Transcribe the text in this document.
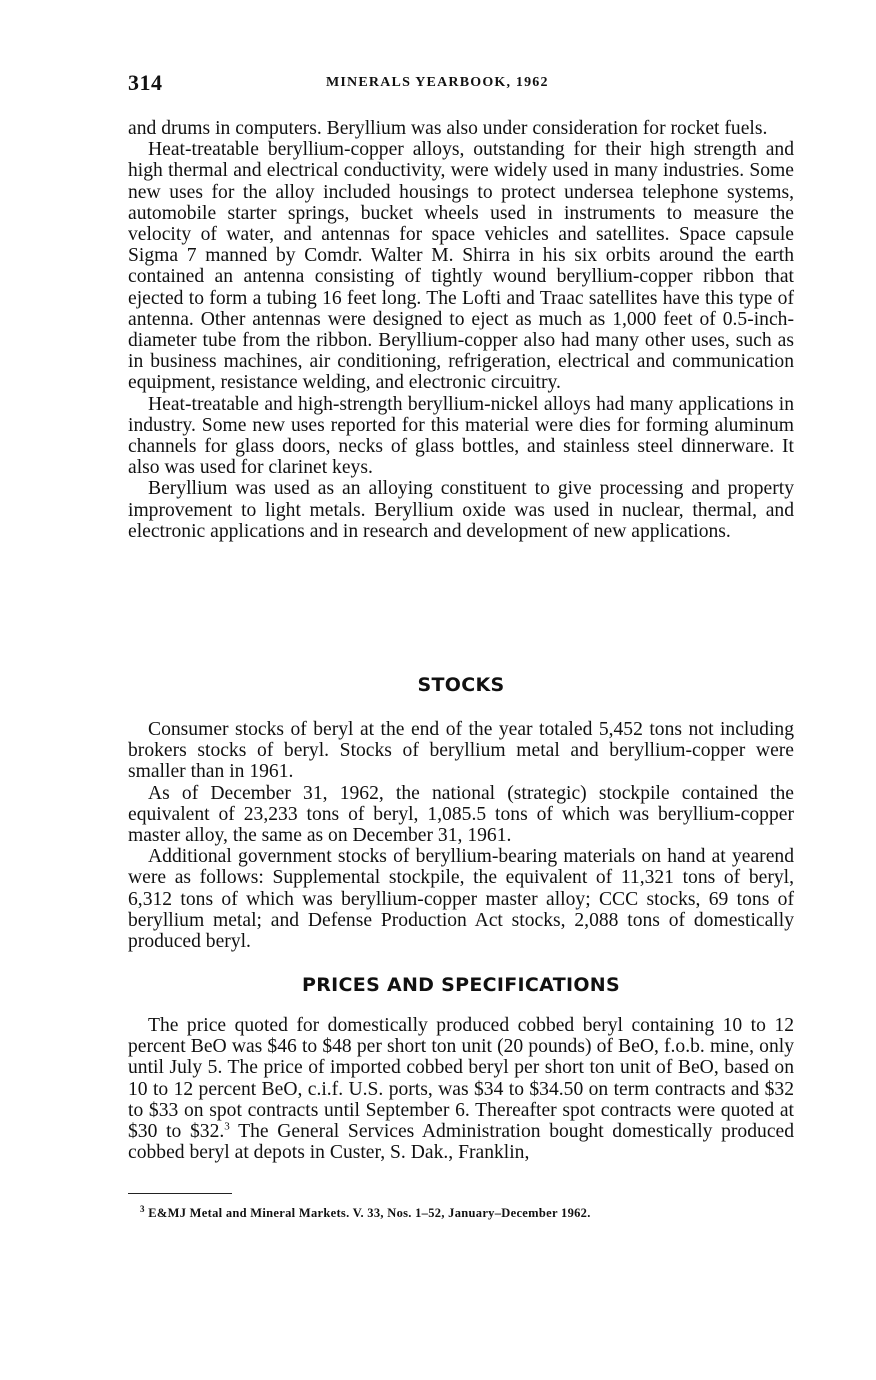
314	MINERALS YEARBOOK, 1962

and drums in computers. Beryllium was also under consideration for rocket fuels.

Heat-treatable beryllium-copper alloys, outstanding for their high strength and high thermal and electrical conductivity, were widely used in many industries. Some new uses for the alloy included housings to protect undersea telephone systems, automobile starter springs, bucket wheels used in instruments to measure the velocity of water, and antennas for space vehicles and satellites. Space capsule Sigma 7 manned by Comdr. Walter M. Shirra in his six orbits around the earth contained an antenna consisting of tightly wound beryllium-copper ribbon that ejected to form a tubing 16 feet long. The Lofti and Traac satellites have this type of antenna. Other antennas were designed to eject as much as 1,000 feet of 0.5-inch-diameter tube from the ribbon. Beryllium-copper also had many other uses, such as in business machines, air conditioning, refrigeration, electrical and communication equipment, resistance welding, and electronic circuitry.

Heat-treatable and high-strength beryllium-nickel alloys had many applications in industry. Some new uses reported for this material were dies for forming aluminum channels for glass doors, necks of glass bottles, and stainless steel dinnerware. It also was used for clarinet keys.

Beryllium was used as an alloying constituent to give processing and property improvement to light metals. Beryllium oxide was used in nuclear, thermal, and electronic applications and in research and development of new applications.

STOCKS

Consumer stocks of beryl at the end of the year totaled 5,452 tons not including brokers stocks of beryl. Stocks of beryllium metal and beryllium-copper were smaller than in 1961.

As of December 31, 1962, the national (strategic) stockpile contained the equivalent of 23,233 tons of beryl, 1,085.5 tons of which was beryllium-copper master alloy, the same as on December 31, 1961.

Additional government stocks of beryllium-bearing materials on hand at yearend were as follows: Supplemental stockpile, the equivalent of 11,321 tons of beryl, 6,312 tons of which was beryllium-copper master alloy; CCC stocks, 69 tons of beryllium metal; and Defense Production Act stocks, 2,088 tons of domestically produced beryl.

PRICES AND SPECIFICATIONS

The price quoted for domestically produced cobbed beryl containing 10 to 12 percent BeO was $46 to $48 per short ton unit (20 pounds) of BeO, f.o.b. mine, only until July 5. The price of imported cobbed beryl per short ton unit of BeO, based on 10 to 12 percent BeO, c.i.f. U.S. ports, was $34 to $34.50 on term contracts and $32 to $33 on spot contracts until September 6. Thereafter spot contracts were quoted at $30 to $32.$^3$ The General Services Administration bought domestically produced cobbed beryl at depots in Custer, S. Dak., Franklin,

$^3$ E&MJ Metal and Mineral Markets. V. 33, Nos. 1–52, January–December 1962.
